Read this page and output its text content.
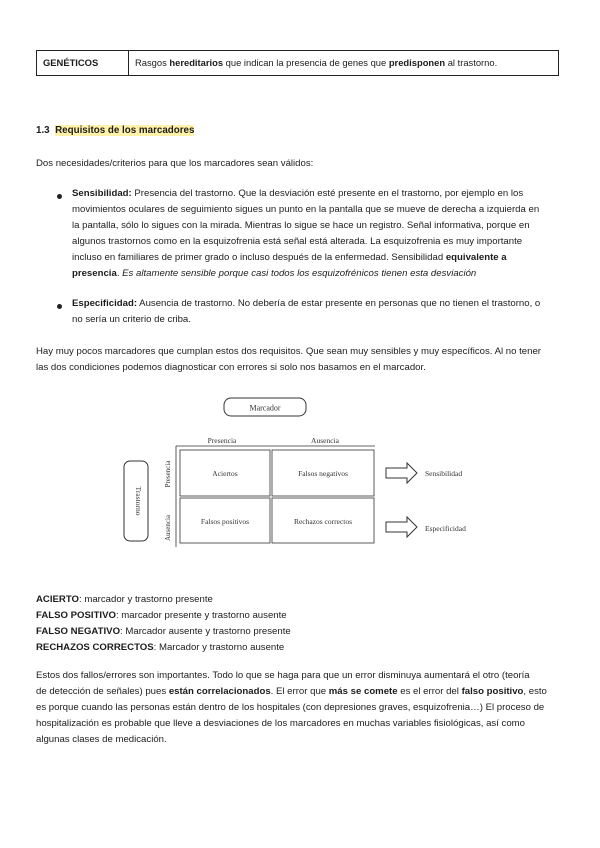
GENÉTICOS	Rasgos hereditarios que indican la presencia de genes que predisponen al trastorno.
1.3 Requisitos de los marcadores
Dos necesidades/criterios para que los marcadores sean válidos:
Sensibilidad: Presencia del trastorno. Que la desviación esté presente en el trastorno, por ejemplo en los
movimientos oculares de seguimiento sigues un punto en la pantalla que se mueve de derecha a izquierda en
la pantalla, sólo lo sigues con la mirada. Mientras lo sigue se hace un registro. Señal informativa, porque en
algunos trastornos como en la esquizofrenia está señal está alterada. La esquizofrenia es muy importante
incluso en familiares de primer grado o incluso después de la enfermedad. Sensibilidad equivalente a
presencia. Es altamente sensible porque casi todos los esquizofrénicos tienen esta desviación
Especificidad: Ausencia de trastorno. No debería de estar presente en personas que no tienen el trastorno, o
no sería un criterio de criba.
Hay muy pocos marcadores que cumplan estos dos requisitos. Que sean muy sensibles y muy específicos. Al no tener
las dos condiciones podemos diagnosticar con errores si solo nos basamos en el marcador.
Marcador
Presencia	Ausencia
Trastorno
Presencia
Ausencia
Aciertos	Falsos negativos
Falsos positivos	Rechazos correctos
Sensibilidad
Especificidad
ACIERTO: marcador y trastorno presente
FALSO POSITIVO: marcador presente y trastorno ausente
FALSO NEGATIVO: Marcador ausente y trastorno presente
RECHAZOS CORRECTOS: Marcador y trastorno ausente
Estos dos fallos/errores son importantes. Todo lo que se haga para que un error disminuya aumentará el otro (teoría
de detección de señales) pues están correlacionados. El error que más se comete es el error del falso positivo, esto
es porque cuando las personas están dentro de los hospitales (con depresiones graves, esquizofrenia…) El proceso de
hospitalización es probable que lleve a desviaciones de los marcadores en muchas variables fisiológicas, así como
algunas clases de medicación.
